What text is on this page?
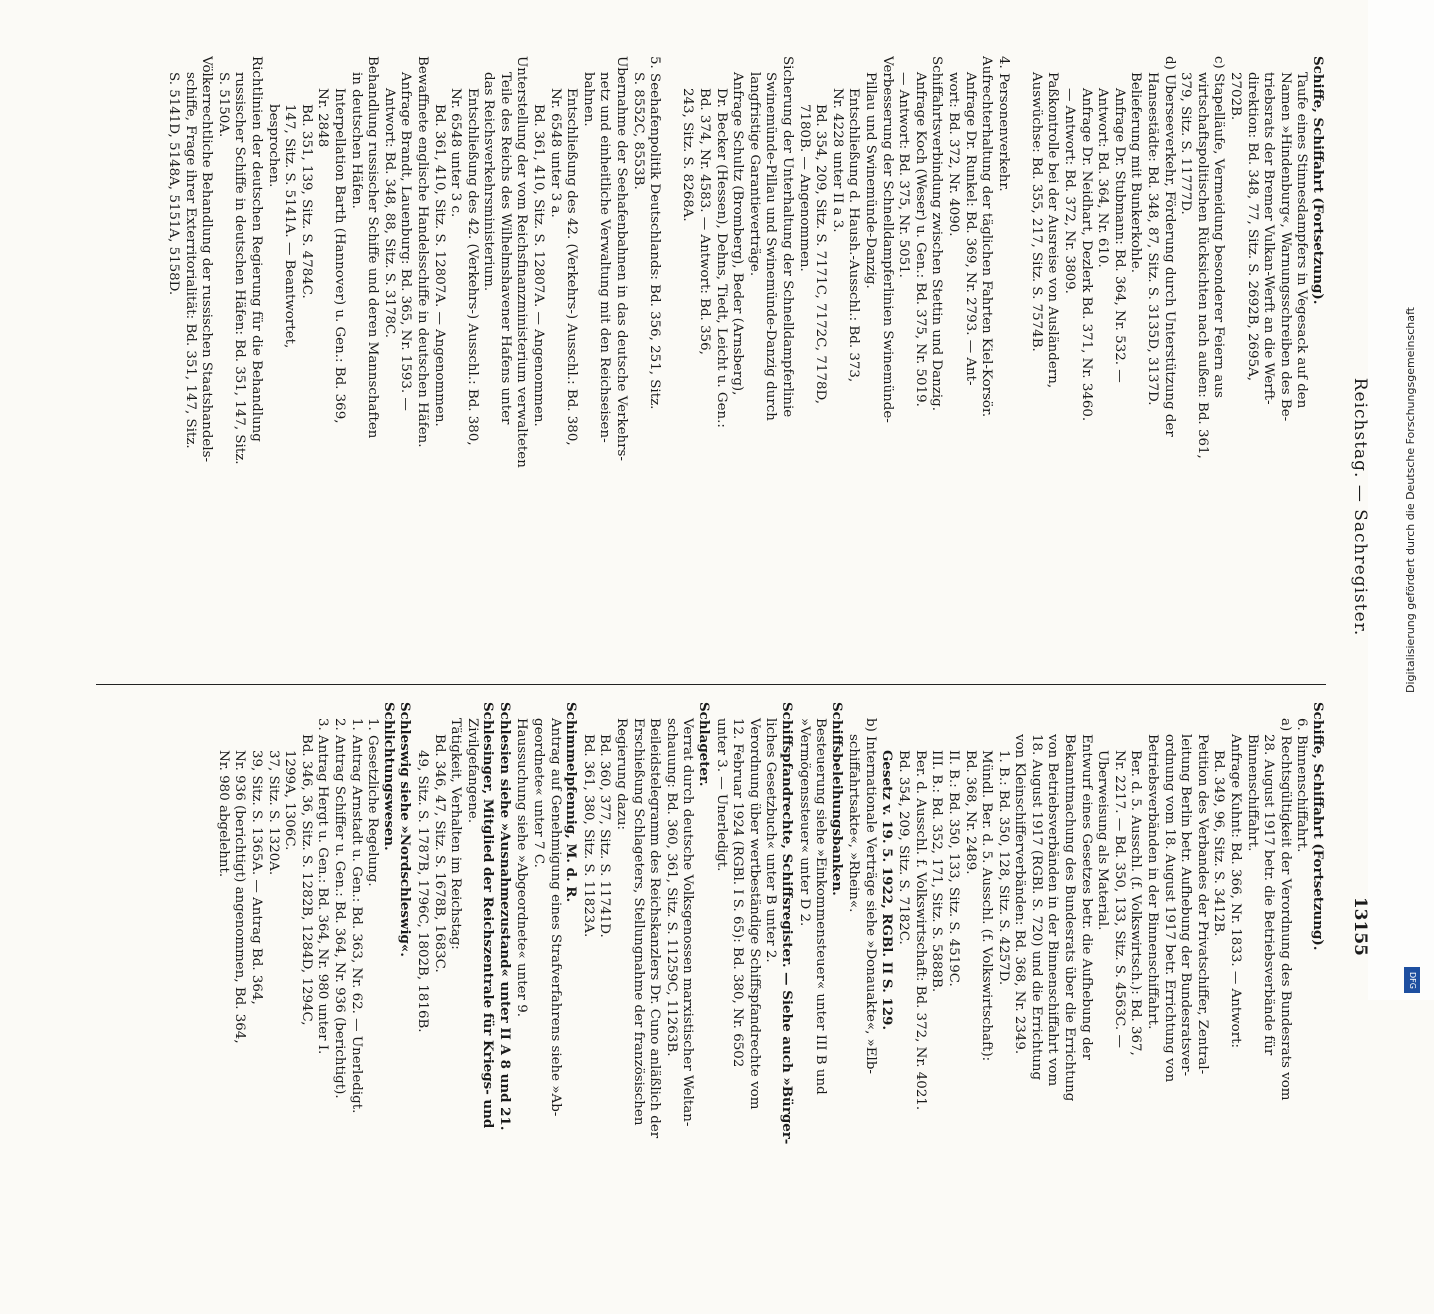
Reichstag. — Sachregister.
13155
Schiffe, Schiffahrt (Fortsetzung).
Taufe eines Stinnesdampfers in Vegesack auf den
Namen »Hindenburg«, Warnungsschreiben des Be-
triebsrats der Bremer Vulkan-Werft an die Werft-
direktion: Bd. 348, 77, Sitz. S. 2692B, 2695A,
2702B.
c) Stapelläufe, Vermeidung besonderer Feiern aus
wirtschaftspolitischen Rücksichten nach außen: Bd. 361,
379, Sitz. S. 11777D.
d) Überseeverkehr, Förderung durch Unterstützung der
Hansestädte: Bd. 348, 87, Sitz. S. 3135D, 3137D.
Belieferung mit Bunkerkohle.
Anfrage Dr. Stubmann: Bd. 364, Nr. 532. —
Antwort: Bd. 364, Nr. 610.
Anfrage Dr. Neidhart, Dezlerk Bd. 371, Nr. 3460.
— Antwort: Bd. 372, Nr. 3809.
Paßkontrolle bei der Ausreise von Ausländern,
Auswüchse: Bd. 355, 217, Sitz. S. 7574B.

4. Personenverkehr.
Aufrechterhaltung der täglichen Fahrten Kiel-Korsör.
Anfrage Dr. Runkel: Bd. 369, Nr. 2793. — Ant-
wort: Bd. 372, Nr. 4090.
Schiffahrtsverbindung zwischen Stettin und Danzig.
Anfrage Koch (Weser) u. Gen.: Bd. 375, Nr. 5019.
— Antwort: Bd. 375, Nr. 5051.
Verbesserung der Schnelldampferlinien Swinemünde-
Pillau und Swinemünde-Danzig.
Entschließung d. Haush.-Ausschl.: Bd. 373,
Nr. 4228 unter II a 3.
Bd. 354, 209, Sitz. S. 7171C, 7172C, 7178D,
7180B. — Angenommen.
Sicherung der Unterhaltung der Schnelldampferlinie
Swinemünde-Pillau und Swinemünde-Danzig durch
langfristige Garantieverträge.
Anfrage Schultz (Bromberg), Beder (Arnsberg),
Dr. Becker (Hessen), Dehns, Tiedt, Leicht u. Gen.:
Bd. 374, Nr. 4583. — Antwort: Bd. 356,
243, Sitz. S. 8268A.

5. Seehafenpolitik Deutschlands: Bd. 356, 251, Sitz.
S. 8552C, 8553B.
Übernahme der Seehafenbahnen in das deutsche Verkehrs-
netz und einheitliche Verwaltung mit den Reichseisen-
bahnen.
Entschließung des 42. (Verkehrs-) Ausschl.: Bd. 380,
Nr. 6548 unter 3 a.
Bd. 361, 410, Sitz. S. 12807A. — Angenommen.
Unterstellung der vom Reichsfinanzministerium verwalteten
Teile des Reichs des Wilhelmshavener Hafens unter
das Reichsverkehrsministerium.
Entschließung des 42. (Verkehrs-) Ausschl.: Bd. 380,
Nr. 6548 unter 3 c.
Bd. 361, 410, Sitz. S. 12807A. — Angenommen.
Bewaffnete englische Handelsschiffe in deutschen Häfen.
Anfrage Brandt, Lauenburg: Bd. 365, Nr. 1593. —
Antwort: Bd. 348, 88, Sitz. S. 3178C.
Behandlung russischer Schiffe und deren Mannschaften
in deutschen Häfen.
Interpellation Barth (Hannover) u. Gen.: Bd. 369,
Nr. 2848
Bd. 351, 139, Sitz. S. 4784C.
147, Sitz. S. 5141A. — Beantwortet,
besprochen.
Richtlinien der deutschen Regierung für die Behandlung
russischer Schiffe in deutschen Häfen: Bd. 351, 147, Sitz.
S. 5150A.
Völkerrechtliche Behandlung der russischen Staatshandels-
schiffe, Frage ihrer Exterritorialität: Bd. 351, 147, Sitz.
S. 5141D, 5148A, 5151A, 5158D.
Schiffe, Schiffahrt (Fortsetzung).
6. Binnenschiffahrt.
a) Rechtsgültigkeit der Verordnung des Bundesrats vom
28. August 1917 betr. die Betriebsverbände für
Binnenschiffahrt.
Anfrage Kuhnt: Bd. 366, Nr. 1833. — Antwort:
Bd. 349, 96, Sitz. S. 3412B.
Petition des Verbandes der Privatschiffer, Zentral-
leitung Berlin betr. Aufhebung der Bundesratsver-
ordnung vom 18. August 1917 betr. Errichtung von
Betriebsverbänden in der Binnenschiffahrt.
Ber. d. 5. Ausschl. (f. Volkswirtsch.): Bd. 367,
Nr. 2217. — Bd. 350, 133, Sitz. S. 4563C. —
Überweisung als Material.
Entwurf eines Gesetzes betr. die Aufhebung der
Bekanntmachung des Bundesrats über die Errichtung
von Betriebsverbänden in der Binnenschiffahrt vom
18. August 1917 (RGBl. S. 720) und die Errichtung
von Kleinschifferverbänden: Bd. 368, Nr. 2349.
1. B.: Bd. 350, 128, Sitz. S. 4257D.
Mündl. Ber. d. 5. Ausschl. (f. Volkswirtschaft):
Bd. 368, Nr. 2489.
II. B.: Bd. 350, 133, Sitz. S. 4519C.
III. B.: Bd. 352, 171, Sitz. S. 5888B.
Ber. d. Ausschl. f. Volkswirtschaft: Bd. 372, Nr. 4021.
Bd. 354, 209, Sitz. S. 7182C.
Gesetz v. 19. 5. 1922, RGBl. II S. 129.
b) Internationale Verträge siehe »Donauakte«, »Elb-
schiffahrtsakte«, »Rhein«.
Schiffsbeleihungsbanken.
Besteuerung siehe »Einkommensteuer« unter III B und
»Vermögenssteuer« unter D 2.
Schiffspfandrechte, Schiffsregister. — Siehe auch »Bürger-
liches Gesetzbuch« unter B unter 2.
Verordnung über wertbeständige Schiffspfandrechte vom
12. Februar 1924 (RGBl. I S. 65): Bd. 380, Nr. 6502
unter 3. — Unerledigt.
Schlageter.
Verrat durch deutsche Volksgenossen marxistischer Weltan-
schauung: Bd. 360, 361, Sitz. S. 11259C, 11263B.
Beileidstelegramm des Reichskanzlers Dr. Cuno anläßlich der
Erschießung Schlageters, Stellungnahme der französischen
Regierung dazu:
Bd. 360, 377, Sitz. S. 11741D.
Bd. 361, 380, Sitz. S. 11823A.
Schimmelpfennig, M. d. R.
Antrag auf Genehmigung eines Strafverfahrens siehe »Ab-
geordnete« unter 7 C.
Haussuchung siehe »Abgeordnete« unter 9.
Schlesien siehe »Ausnahmezustand« unter II A 8 und 21.
Schlesinger, Mitglied der Reichszentrale für Kriegs- und
Zivilgefangene.
Tätigkeit, Verhalten im Reichstag:
Bd. 346, 47, Sitz. S. 1678B, 1683C.
49, Sitz. S. 1787B, 1796C, 1802B, 1816B.
Schleswig siehe »Nordschleswig«.
Schlichtungswesen.
1. Gesetzliche Regelung.
1. Antrag Arnstadt u. Gen.: Bd. 363, Nr. 62. — Unerledigt.
2. Antrag Schiffer u. Gen.: Bd. 364, Nr. 936 (berichtigt).
3. Antrag Hergt u. Gen.: Bd. 364, Nr. 980 unter I.
Bd. 346, 36, Sitz. S. 1282B, 1284D, 1294C,
1299A, 1306C.
37, Sitz. S. 1320A.
39, Sitz. S. 1365A. — Antrag Bd. 364,
Nr. 936 (berichtigt) angenommen, Bd. 364,
Nr. 980 abgelehnt.
Digitalisierung gefördert durch die Deutsche Forschungsgemeinschaft
DFG
